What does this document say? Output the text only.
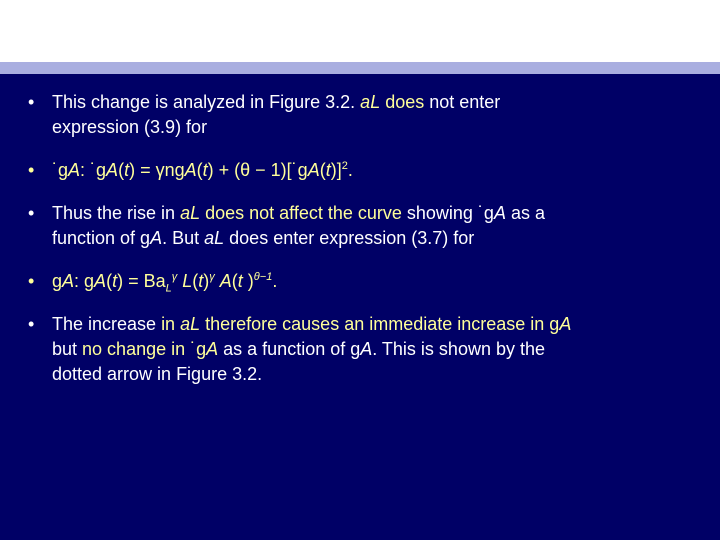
• This change is analyzed in Figure 3.2. aL does not enter
expression (3.9) for
• ˙gA: ˙gA(t) = γngA(t) + (θ − 1)[˙gA(t)]$^2$.
• Thus the rise in aL does not affect the curve showing ˙gA as a
function of gA. But aL does enter expression (3.7) for
• gA: $gA(t) = Ba_L^\gamma$ $L(t)^\gamma$ A(t )$^{\theta-1}$.
• The increase in aL therefore causes an immediate increase in gA
but no change in ˙gA as a function of gA. This is shown by the
dotted arrow in Figure 3.2.
